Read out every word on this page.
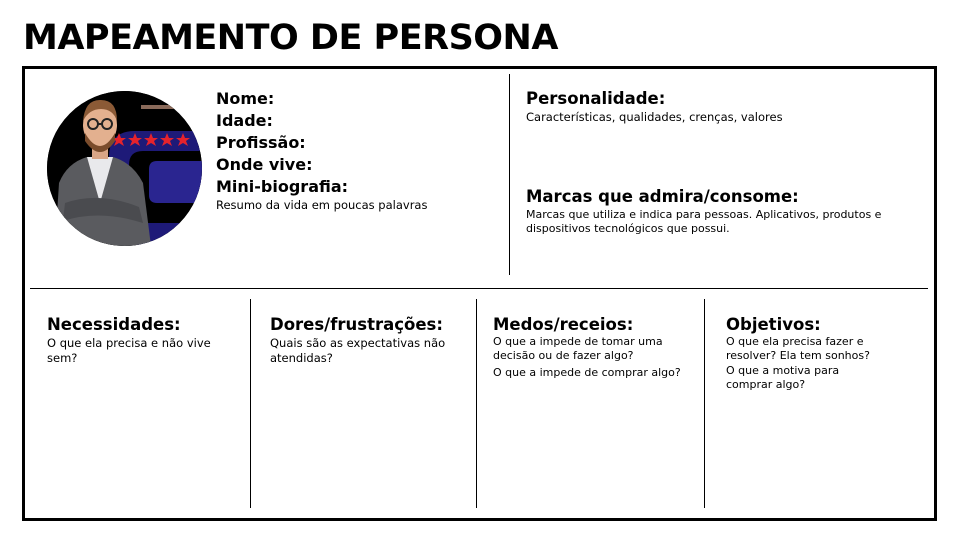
MAPEAMENTO DE PERSONA
Nome:
Idade:
Profissão:
Onde vive:
Mini-biografia:
Resumo da vida em poucas palavras
Personalidade:
Características, qualidades, crenças, valores
Marcas que admira/consome:
Marcas que utiliza e indica para pessoas. Aplicativos, produtos e dispositivos tecnológicos que possui.
Necessidades:
O que ela precisa e não vive sem?
Dores/frustrações:
Quais são as expectativas não atendidas?
Medos/receios:
O que a impede de tomar uma decisão ou de fazer algo?
O que a impede de comprar algo?
Objetivos:
O que ela precisa fazer e resolver? Ela tem sonhos?
O que a motiva para comprar algo?
